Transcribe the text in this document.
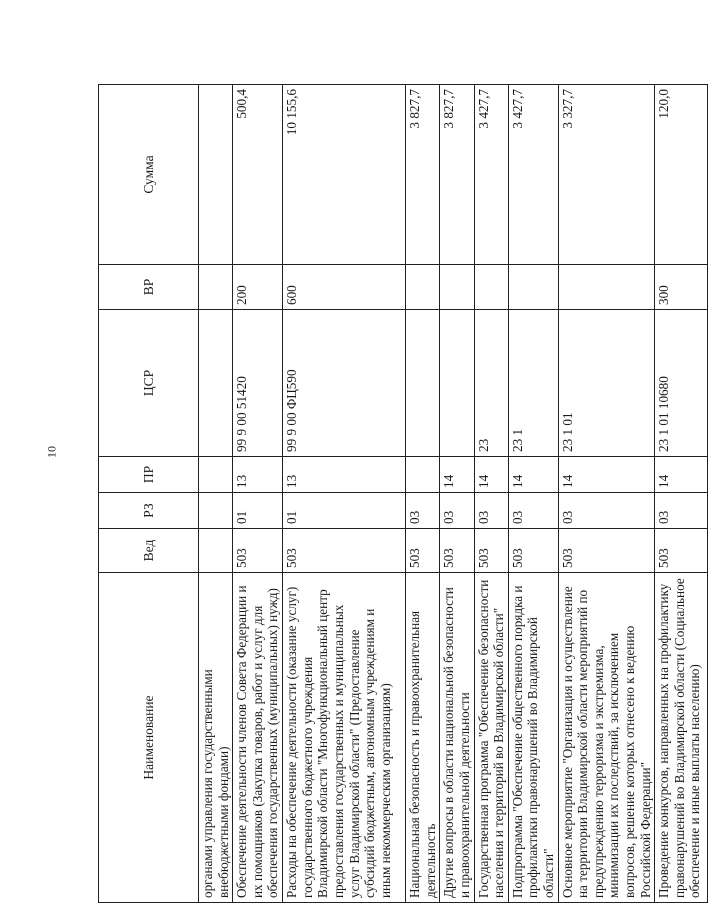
10
Наименование	Вед	РЗ	ПР	ЦСР	ВР	Сумма
органами управления государственными внебюджетными фондами)						
Обеспечение деятельности членов Совета Федерации и их помощников (Закупка товаров, работ и услуг для обеспечения государственных (муниципальных) нужд)	503	01	13	99 9 00 51420	200	500,4
Расходы на обеспечение деятельности (оказание услуг) государственного бюджетного учреждения Владимирской области "Многофункциональный центр предоставления государственных и муниципальных услуг Владимирской области" (Предоставление субсидий бюджетным, автономным учреждениям и иным некоммерческим организациям)	503	01	13	99 9 00 ФЦ590	600	10 155,6
Национальная безопасность и правоохранительная деятельность	503	03				3 827,7
Другие вопросы в области национальной безопасности и правоохранительной деятельности	503	03	14			3 827,7
Государственная программа "Обеспечение безопасности населения и территорий во Владимирской области"	503	03	14	23		3 427,7
Подпрограмма "Обеспечение общественного порядка и профилактики правонарушений во Владимирской области"	503	03	14	23 1		3 427,7
Основное мероприятие "Организация и осуществление на территории Владимирской области мероприятий по предупреждению терроризма и экстремизма, минимизации их последствий, за исключением вопросов, решение которых отнесено к ведению Российской Федерации"	503	03	14	23 1 01		3 327,7
Проведение конкурсов, направленных на профилактику правонарушений во Владимирской области (Социальное обеспечение и иные выплаты населению)	503	03	14	23 1 01 10680	300	120,0
